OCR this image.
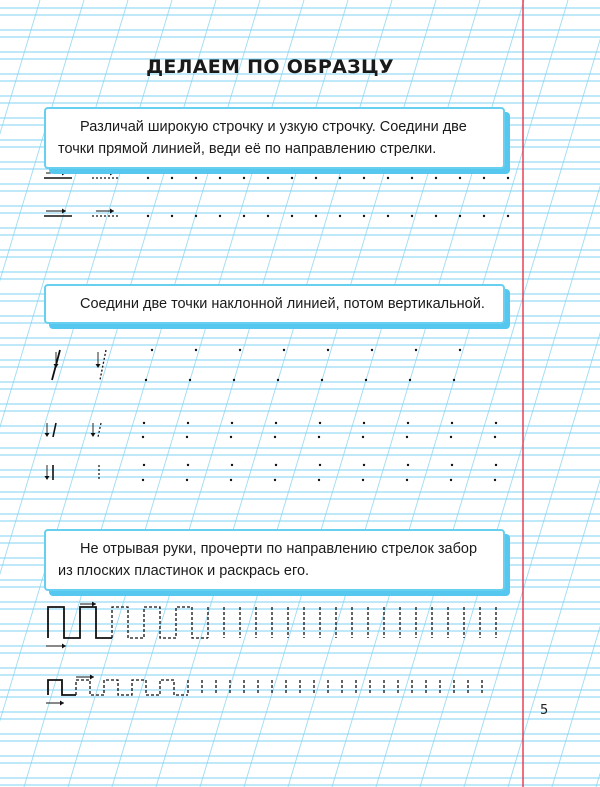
ДЕЛАЕМ ПО ОБРАЗЦУ

Различай широкую строчку и узкую строчку. Соедини две

точки прямой линией, веди её по направлению стрелки.

Соедини две точки наклонной линией, потом вертикальной.

Не отрывая руки, прочерти по направлению стрелок забор

из плоских пластинок и раскрась его.

5
